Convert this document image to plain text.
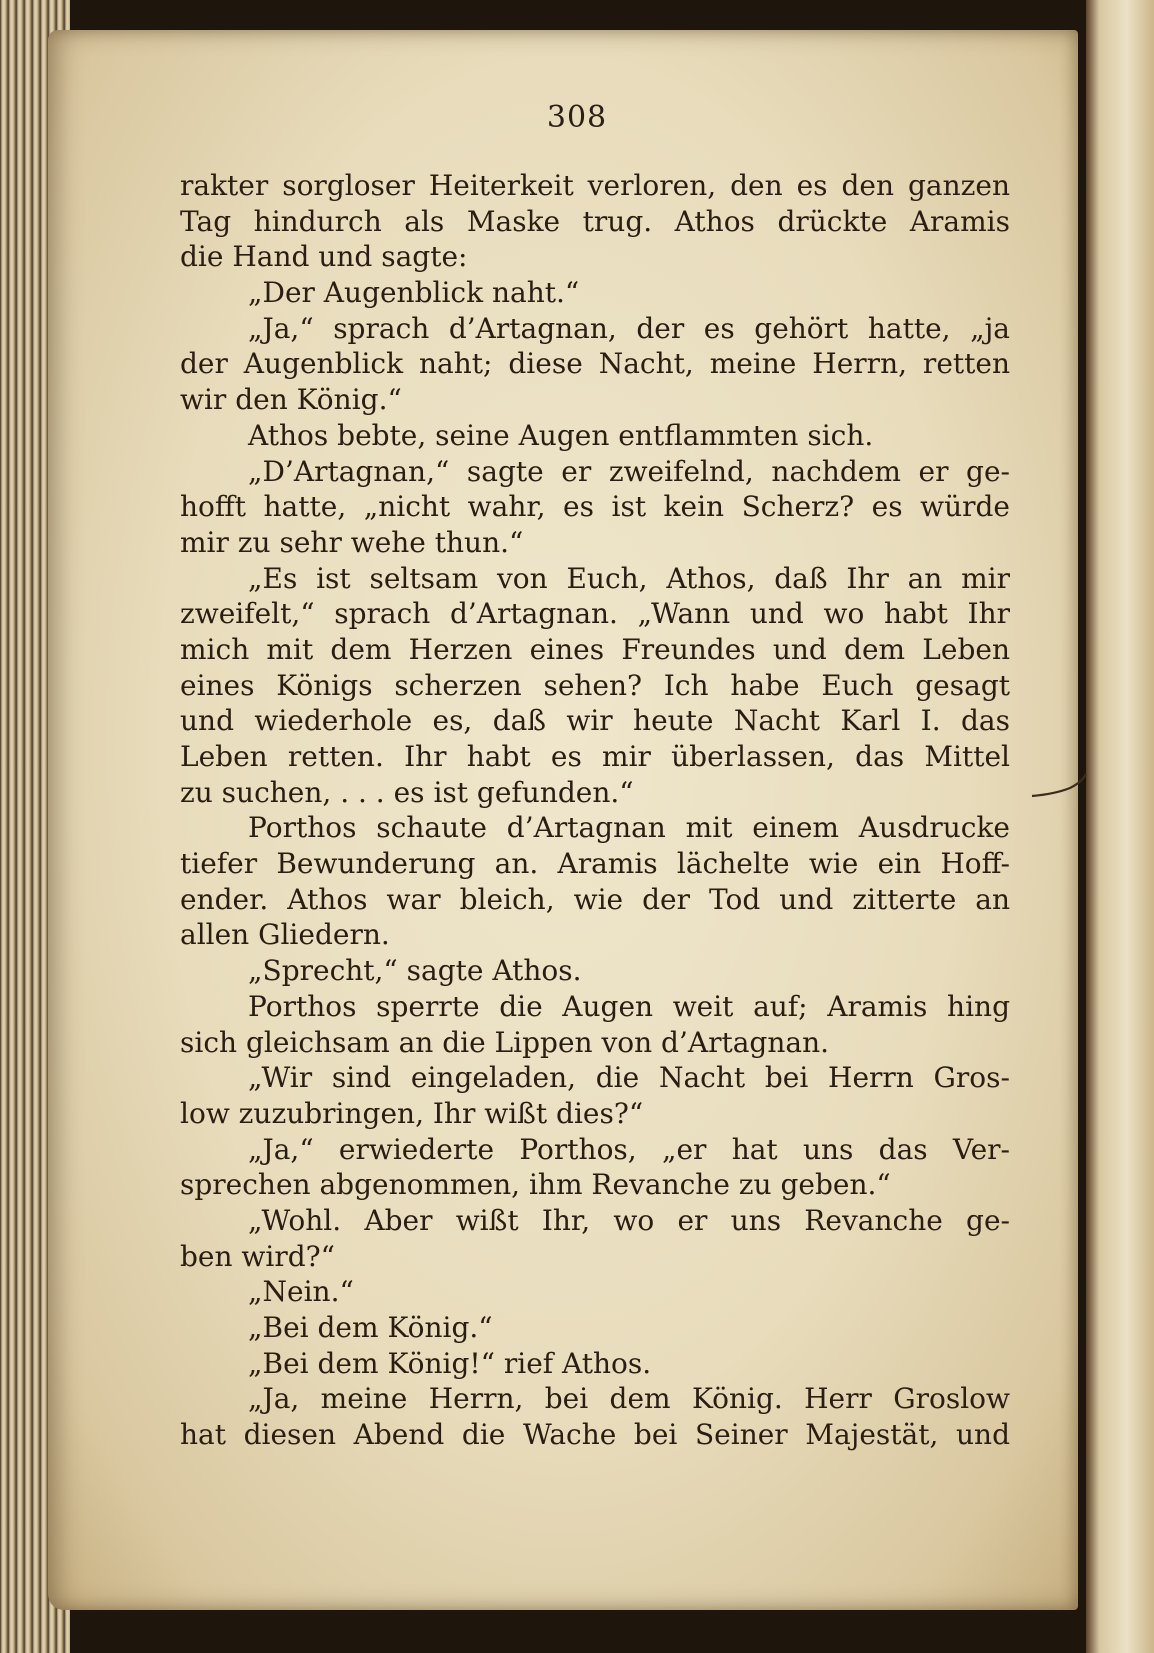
308
rakter sorgloser Heiterkeit verloren, den es den ganzen
Tag hindurch als Maske trug. Athos drückte Aramis
die Hand und sagte:
„Der Augenblick naht.“
„Ja,“ sprach d’Artagnan, der es gehört hatte, „ja
der Augenblick naht; diese Nacht, meine Herrn, retten
wir den König.“
Athos bebte, seine Augen entflammten sich.
„D’Artagnan,“ sagte er zweifelnd, nachdem er ge-
hofft hatte, „nicht wahr, es ist kein Scherz? es würde
mir zu sehr wehe thun.“
„Es ist seltsam von Euch, Athos, daß Ihr an mir
zweifelt,“ sprach d’Artagnan. „Wann und wo habt Ihr
mich mit dem Herzen eines Freundes und dem Leben
eines Königs scherzen sehen? Ich habe Euch gesagt
und wiederhole es, daß wir heute Nacht Karl I. das
Leben retten. Ihr habt es mir überlassen, das Mittel
zu suchen, . . . es ist gefunden.“
Porthos schaute d’Artagnan mit einem Ausdrucke
tiefer Bewunderung an. Aramis lächelte wie ein Hoff-
ender. Athos war bleich, wie der Tod und zitterte an
allen Gliedern.
„Sprecht,“ sagte Athos.
Porthos sperrte die Augen weit auf; Aramis hing
sich gleichsam an die Lippen von d’Artagnan.
„Wir sind eingeladen, die Nacht bei Herrn Gros-
low zuzubringen, Ihr wißt dies?“
„Ja,“ erwiederte Porthos, „er hat uns das Ver-
sprechen abgenommen, ihm Revanche zu geben.“
„Wohl. Aber wißt Ihr, wo er uns Revanche ge-
ben wird?“
„Nein.“
„Bei dem König.“
„Bei dem König!“ rief Athos.
„Ja, meine Herrn, bei dem König. Herr Groslow
hat diesen Abend die Wache bei Seiner Majestät, und
